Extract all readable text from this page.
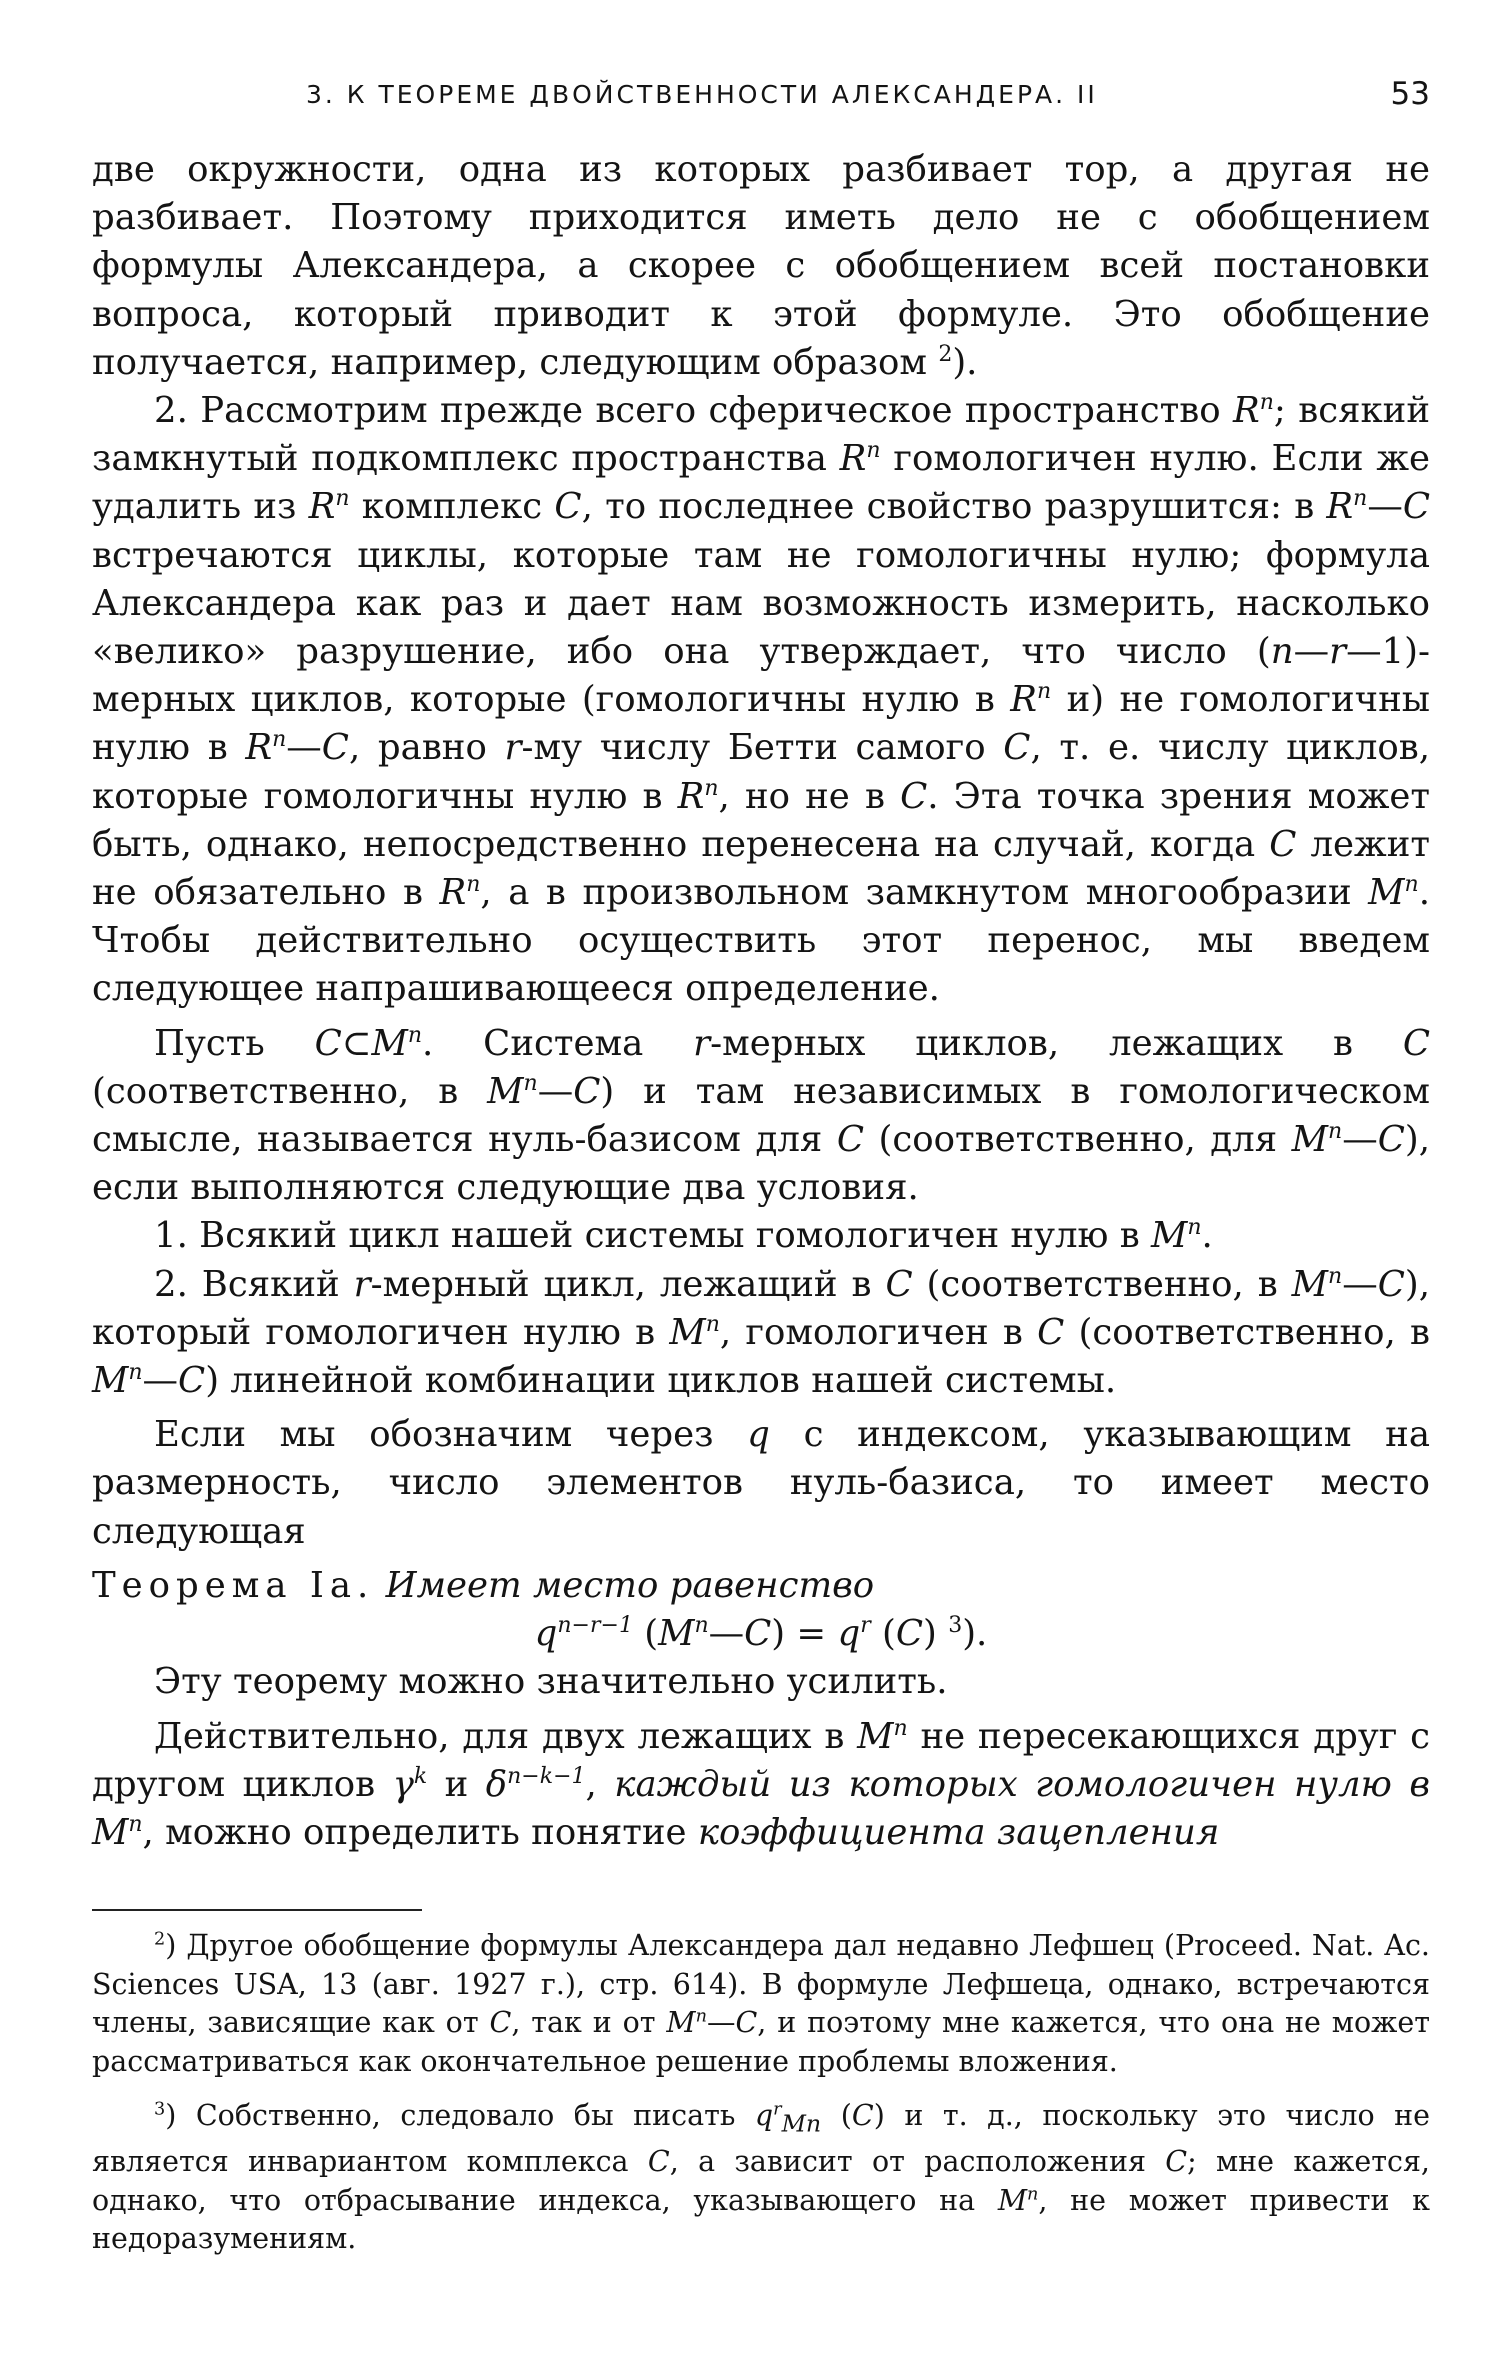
3. К ТЕОРЕМЕ ДВОЙСТВЕННОСТИ АЛЕКСАНДЕРА. II	53

две окружности, одна из которых разбивает тор, а другая не разбивает. Поэтому приходится иметь дело не с обобщением формулы Александера, а скорее с обобщением всей постановки вопроса, который приводит к этой формуле. Это обобщение получается, например, следующим образом $^2$).

2. Рассмотрим прежде всего сферическое пространство $R^n$; всякий замкнутый подкомплекс пространства $R^n$ гомологичен нулю. Если же удалить из $R^n$ комплекс C, то последнее свойство разрушится: в $R^n—C$ встречаются циклы, которые там не гомологичны нулю; формула Александера как раз и дает нам возможность измерить, насколько «велико» разрушение, ибо она утверждает, что число (n—r—1)-мерных циклов, которые (гомологичны нулю в $R^n$ и) не гомологичны нулю в $R^n—C$, равно r-му числу Бетти самого C, т. е. числу циклов, которые гомологичны нулю в $R^n$, но не в C. Эта точка зрения может быть, однако, непосредственно перенесена на случай, когда C лежит не обязательно в $R^n$, а в произвольном замкнутом многообразии $M^n$. Чтобы действительно осуществить этот перенос, мы введем следующее напрашивающееся определение.

Пусть $C\subset M^n$. Система r-мерных циклов, лежащих в C (соответственно, в $M^n—C$) и там независимых в гомологическом смысле, называется нуль-базисом для C (соответственно, для $M^n—C$), если выполняются следующие два условия.

1. Всякий цикл нашей системы гомологичен нулю в $M^n$.

2. Всякий r-мерный цикл, лежащий в C (соответственно, в $M^n—C$), который гомологичен нулю в $M^n$, гомологичен в C (соответственно, в $M^n—C$) линейной комбинации циклов нашей системы.

Если мы обозначим через q с индексом, указывающим на размерность, число элементов нуль-базиса, то имеет место следующая

Теорема Iа. Имеет место равенство

$q^{n-r-1}$ $(M^n—C) = q^r$ (C) $^3$).

Эту теорему можно значительно усилить.

Действительно, для двух лежащих в $M^n$ не пересекающихся друг с другом циклов $\gamma^k$ и $\delta^{n-k-1}$, каждый из которых гомологичен нулю в $M^n$, можно определить понятие коэффициента зацепления

$^2$) Другое обобщение формулы Александера дал недавно Лефшец (Proceed. Nat. Ac. Sciences USA, 13 (авг. 1927 г.), стр. 614). В формуле Лефшеца, однако, встречаются члены, зависящие как от C, так и от $M^n—C$, и поэтому мне кажется, что она не может рассматриваться как окончательное решение проблемы вложения.

$^3$) Собственно, следовало бы писать $q^r_{Mn}$ (C) и т. д., поскольку это число не является инвариантом комплекса C, а зависит от расположения C; мне кажется, однако, что отбрасывание индекса, указывающего на $M^n$, не может привести к недоразумениям.
